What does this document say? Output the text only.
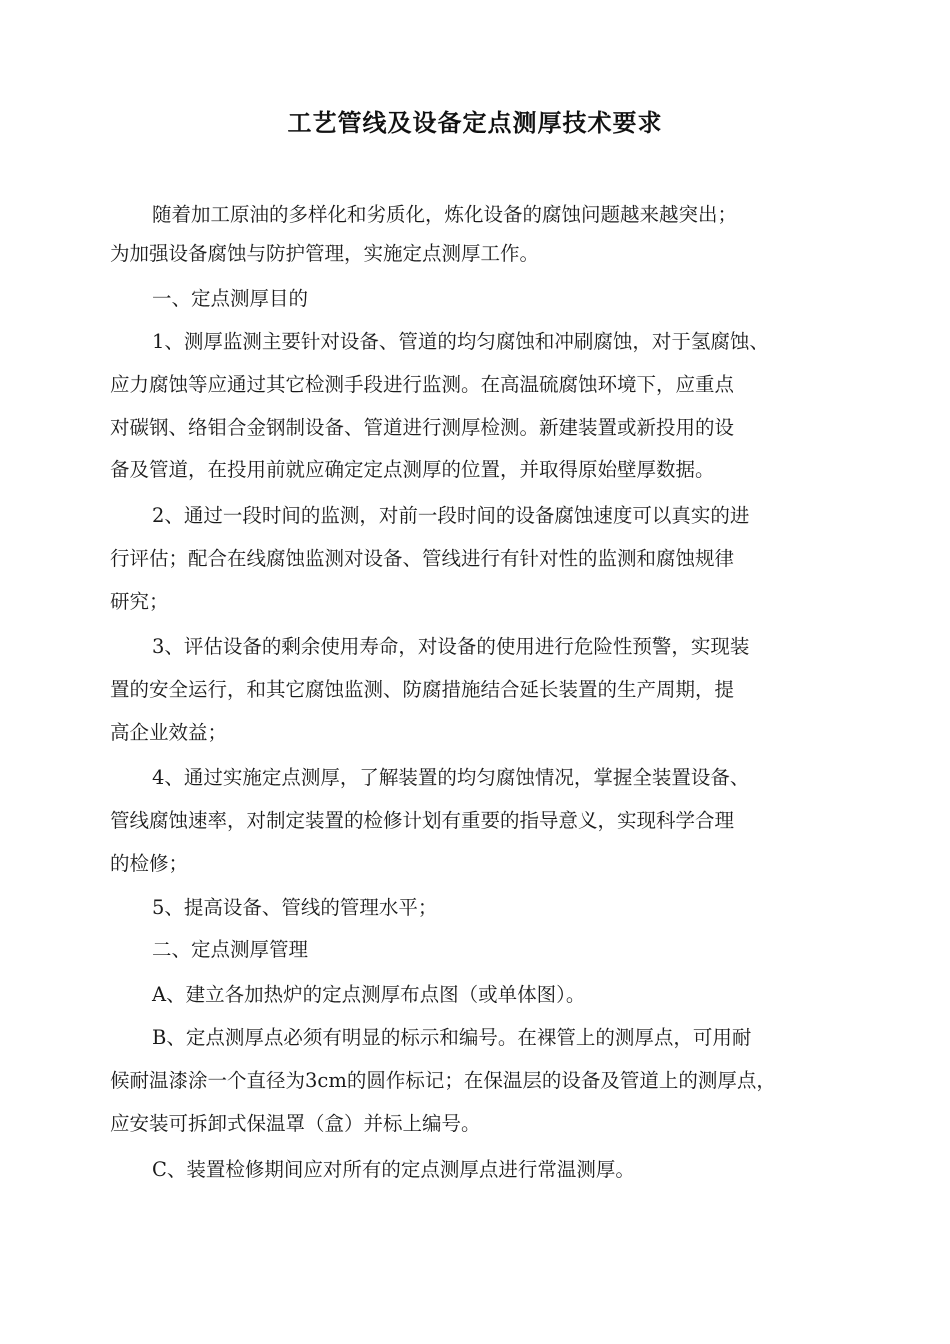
工艺管线及设备定点测厚技术要求

随着加工原油的多样化和劣质化，炼化设备的腐蚀问题越来越突出；

为加强设备腐蚀与防护管理，实施定点测厚工作。

一、定点测厚目的

1、测厚监测主要针对设备、管道的均匀腐蚀和冲刷腐蚀，对于氢腐蚀、

应力腐蚀等应通过其它检测手段进行监测。在高温硫腐蚀环境下，应重点

对碳钢、络钼合金钢制设备、管道进行测厚检测。新建装置或新投用的设

备及管道，在投用前就应确定定点测厚的位置，并取得原始壁厚数据。

2、通过一段时间的监测，对前一段时间的设备腐蚀速度可以真实的进

行评估；配合在线腐蚀监测对设备、管线进行有针对性的监测和腐蚀规律

研究；

3、评估设备的剩余使用寿命，对设备的使用进行危险性预警，实现装

置的安全运行，和其它腐蚀监测、防腐措施结合延长装置的生产周期，提

高企业效益；

4、通过实施定点测厚，了解装置的均匀腐蚀情况，掌握全装置设备、

管线腐蚀速率，对制定装置的检修计划有重要的指导意义，实现科学合理

的检修；

5、提高设备、管线的管理水平；

二、定点测厚管理

A、建立各加热炉的定点测厚布点图（或单体图）。

B、定点测厚点必须有明显的标示和编号。在裸管上的测厚点，可用耐

候耐温漆涂一个直径为3cm的圆作标记；在保温层的设备及管道上的测厚点，

应安装可拆卸式保温罩（盒）并标上编号。

C、装置检修期间应对所有的定点测厚点进行常温测厚。
